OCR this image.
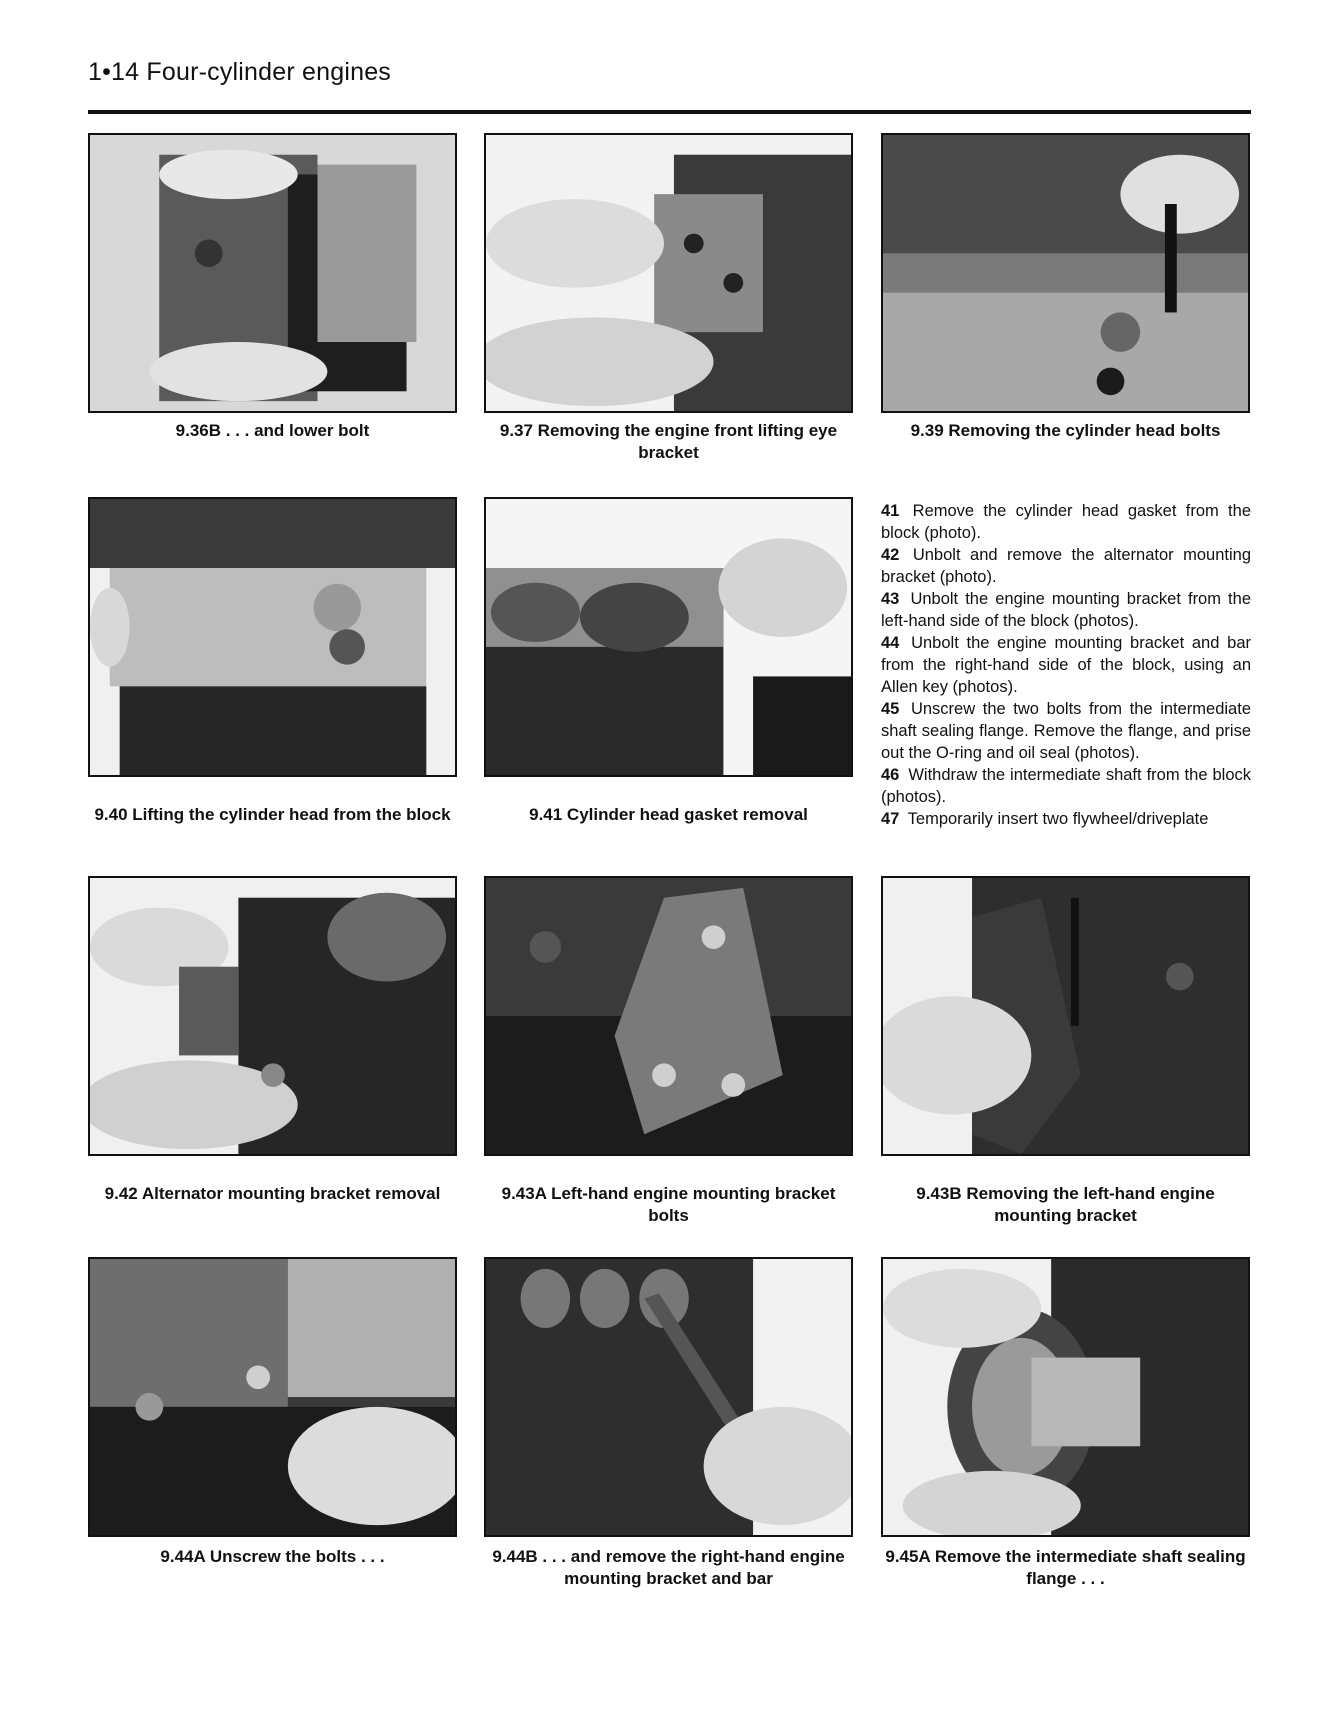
1•14 Four-cylinder engines
9.36B . . . and lower bolt	9.37 Removing the engine front lifting eye bracket
9.39 Removing the cylinder head bolts
9.40 Lifting the cylinder head from the block	9.41 Cylinder head gasket removal

41 Remove the cylinder head gasket from the block (photo).

42 Unbolt and remove the alternator mounting bracket (photo).

43 Unbolt the engine mounting bracket from the left-hand side of the block (photos).

44 Unbolt the engine mounting bracket and bar from the right-hand side of the block, using an Allen key (photos).

45 Unscrew the two bolts from the intermediate shaft sealing flange. Remove the flange, and prise out the O-ring and oil seal (photos).

46 Withdraw the intermediate shaft from the block (photos).

47 Temporarily insert two flywheel/driveplate

9.42 Alternator mounting bracket removal	9.43A Left-hand engine mounting bracket bolts
9.43B Removing the left-hand engine mounting bracket
9.44A Unscrew the bolts . . .	9.44B . . . and remove the right-hand engine mounting bracket and bar
9.45A Remove the intermediate shaft sealing flange . . .
